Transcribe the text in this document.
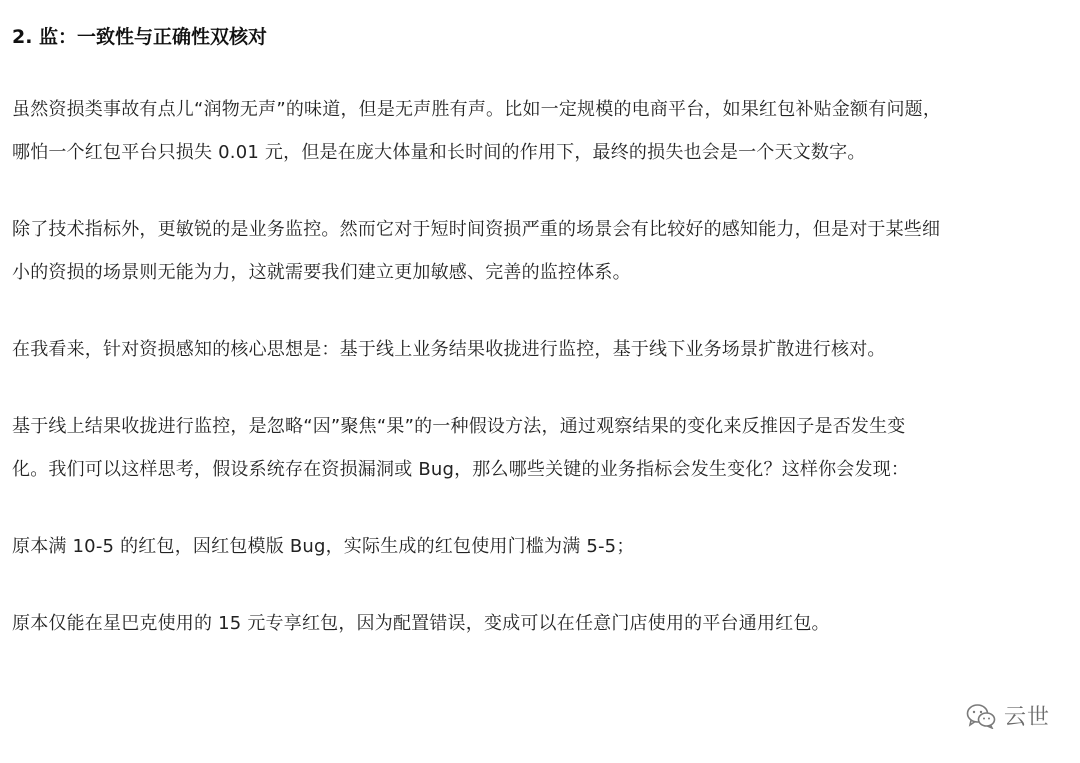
2. 监：一致性与正确性双核对
虽然资损类事故有点儿“润物无声”的味道，但是无声胜有声。比如一定规模的电商平台，如果红包补贴金额有问题，
哪怕一个红包平台只损失 0.01 元，但是在庞大体量和长时间的作用下，最终的损失也会是一个天文数字。
除了技术指标外，更敏锐的是业务监控。然而它对于短时间资损严重的场景会有比较好的感知能力，但是对于某些细
小的资损的场景则无能为力，这就需要我们建立更加敏感、完善的监控体系。
在我看来，针对资损感知的核心思想是：基于线上业务结果收拢进行监控，基于线下业务场景扩散进行核对。
基于线上结果收拢进行监控，是忽略“因”聚焦“果”的一种假设方法，通过观察结果的变化来反推因子是否发生变
化。我们可以这样思考，假设系统存在资损漏洞或 Bug，那么哪些关键的业务指标会发生变化？这样你会发现：
原本满 10-5 的红包，因红包模版 Bug，实际生成的红包使用门槛为满 5-5；
原本仅能在星巴克使用的 15 元专享红包，因为配置错误，变成可以在任意门店使用的平台通用红包。
云世
